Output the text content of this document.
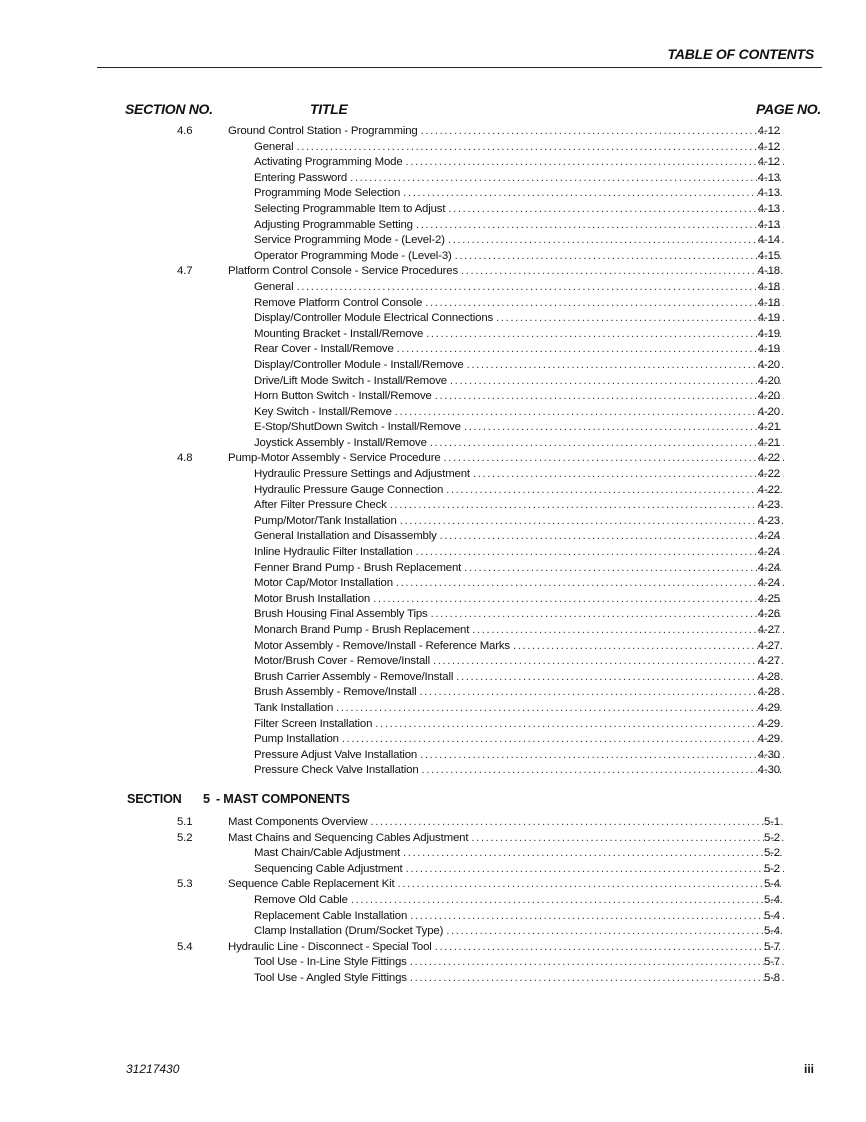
TABLE OF CONTENTS
SECTION NO.	TITLE	PAGE NO.
4.6	Ground Control Station - Programming .....	4-12
General .....	4-12
Activating Programming Mode .....	4-12
Entering Password .....	4-13
Programming Mode Selection .....	4-13
Selecting Programmable Item to Adjust .....	4-13
Adjusting Programmable Setting .....	4-13
Service Programming Mode - (Level-2) .....	4-14
Operator Programming Mode - (Level-3) .....	4-15
4.7	Platform Control Console - Service Procedures .....	4-18
General .....	4-18
Remove Platform Control Console .....	4-18
Display/Controller Module Electrical Connections .....	4-19
Mounting Bracket - Install/Remove .....	4-19
Rear Cover - Install/Remove .....	4-19
Display/Controller Module - Install/Remove .....	4-20
Drive/Lift Mode Switch - Install/Remove .....	4-20
Horn Button Switch - Install/Remove .....	4-20
Key Switch - Install/Remove .....	4-20
E-Stop/ShutDown Switch - Install/Remove .....	4-21
Joystick Assembly - Install/Remove .....	4-21
4.8	Pump-Motor Assembly - Service Procedure .....	4-22
Hydraulic Pressure Settings and Adjustment .....	4-22
Hydraulic Pressure Gauge Connection .....	4-22
After Filter Pressure Check .....	4-23
Pump/Motor/Tank Installation .....	4-23
General Installation and Disassembly .....	4-24
Inline Hydraulic Filter Installation .....	4-24
Fenner Brand Pump - Brush Replacement .....	4-24
Motor Cap/Motor Installation .....	4-24
Motor Brush Installation .....	4-25
Brush Housing Final Assembly Tips .....	4-26
Monarch Brand Pump - Brush Replacement .....	4-27
Motor Assembly - Remove/Install - Reference Marks .....	4-27
Motor/Brush Cover - Remove/Install .....	4-27
Brush Carrier Assembly - Remove/Install .....	4-28
Brush Assembly - Remove/Install .....	4-28
Tank Installation .....	4-29
Filter Screen Installation .....	4-29
Pump Installation .....	4-29
Pressure Adjust Valve Installation .....	4-30
Pressure Check Valve Installation .....	4-30
SECTION 5 - MAST COMPONENTS
5.1	Mast Components Overview .....	5-1
5.2	Mast Chains and Sequencing Cables Adjustment .....	5-2
Mast Chain/Cable Adjustment .....	5-2
Sequencing Cable Adjustment .....	5-2
5.3	Sequence Cable Replacement Kit .....	5-4
Remove Old Cable .....	5-4
Replacement Cable Installation .....	5-4
Clamp Installation (Drum/Socket Type) .....	5-4
5.4	Hydraulic Line - Disconnect - Special Tool .....	5-7
Tool Use - In-Line Style Fittings .....	5-7
Tool Use - Angled Style Fittings .....	5-8
31217430	iii
